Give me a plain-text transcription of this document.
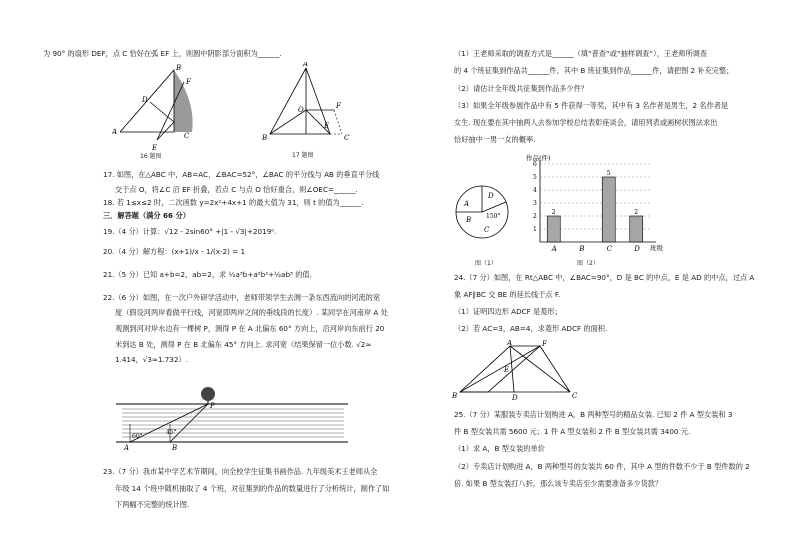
为 90° 的扇形 DEF，点 C 恰好在弧 EF 上，则圆中阴影部分面积为______.
B
F
D
A
E
C
16 题图
A
B
O	F
E
C
17 题图
17. 如图，在△ABC 中，AB=AC，∠BAC=52°，∠BAC 的平分线与 AB 的垂直平分线
交于点 O，将∠C 沿 EF 折叠，若点 C 与点 O 恰好重合，则∠OEC=______.
18. 若 1≤x≤2 时，二次函数 y=2x²+4x+1 的最大值为 31，则 t 的值为______.
三．解答题（满分 66 分）
19.（4 分）计算：√12 - 2sin60° +|1 - √3|+2019⁰.
20.（4 分）解方程：(x+1)/x - 1/(x-2) = 1
21.（5 分）已知 a+b=2，ab=2，求 ½a³b+a²b²+½ab³ 的值.
22.（6 分）如图，在一次户外研学活动中，老师带领学生去测一条东西流向的河流的宽
度（假设河两岸看做平行线，河宽即两岸之间的垂线段的长度）. 某同学在河南岸 A 处
观测到河对岸水边有一棵树 P，测得 P 在 A 北偏东 60° 方向上，沿河岸向东前行 20
米到达 B 处，测得 P 在 B 北偏东 45° 方向上. 求河宽（结果保留一位小数. √2≈
1.414，√3≈1.732）.
60°
45°
P
A	B
23.（7 分）我市某中学艺术节期间，向全校学生征集书画作品. 九年级美术王老师从全
年级 14 个班中随机抽取了 4 个班，对征集到的作品的数量进行了分析统计，制作了如
下两幅不完整的统计图.
（1）王老师采取的调查方式是______（填“普查”或“抽样调查”），王老师所调查
的 4 个班征集到作品共______件，其中 B 班征集到作品______件，请把图 2 补充完整；
（2）请估计全年级共征集到作品多少件？
（3）如果全年级参展作品中有 5 件获得一等奖，其中有 3 名作者是男生，2 名作者是
女生. 现在要在其中抽两人去参加学校总结表彰座谈会，请用列表或画树状图法求出
恰好抽中一男一女的概率.
A
D
B
C
150°
图（1）
作品(件)
班级
1
2
3
4
5
6
2
A	B
5
C
2
D
图（2）
24.（7 分）如图，在 Rt△ABC 中，∠BAC=90°，D 是 BC 的中点，E 是 AD 的中点，过点 A
象 AF∥BC 交 BE 的延长线于点 F.
（1）证明四边形 ADCF 是菱形；
（2）若 AC=3，AB=4，求菱形 ADCF 的面积.
A	F
E
B	D	C
25.（7 分）某服装专卖店计划购进 A，B 两种型号的精品女装. 已知 2 件 A 型女装和 3
件 B 型女装共需 5600 元；1 件 A 型女装和 2 件 B 型女装共需 3400 元.
（1）求 A，B 型女装的单价
（2）专卖店计划购进 A，B 两种型号的女装共 60 件，其中 A 型的件数不少于 B 型件数的 2
倍. 如果 B 型女装打八折，那么该专卖店至少需要准备多少货款？
